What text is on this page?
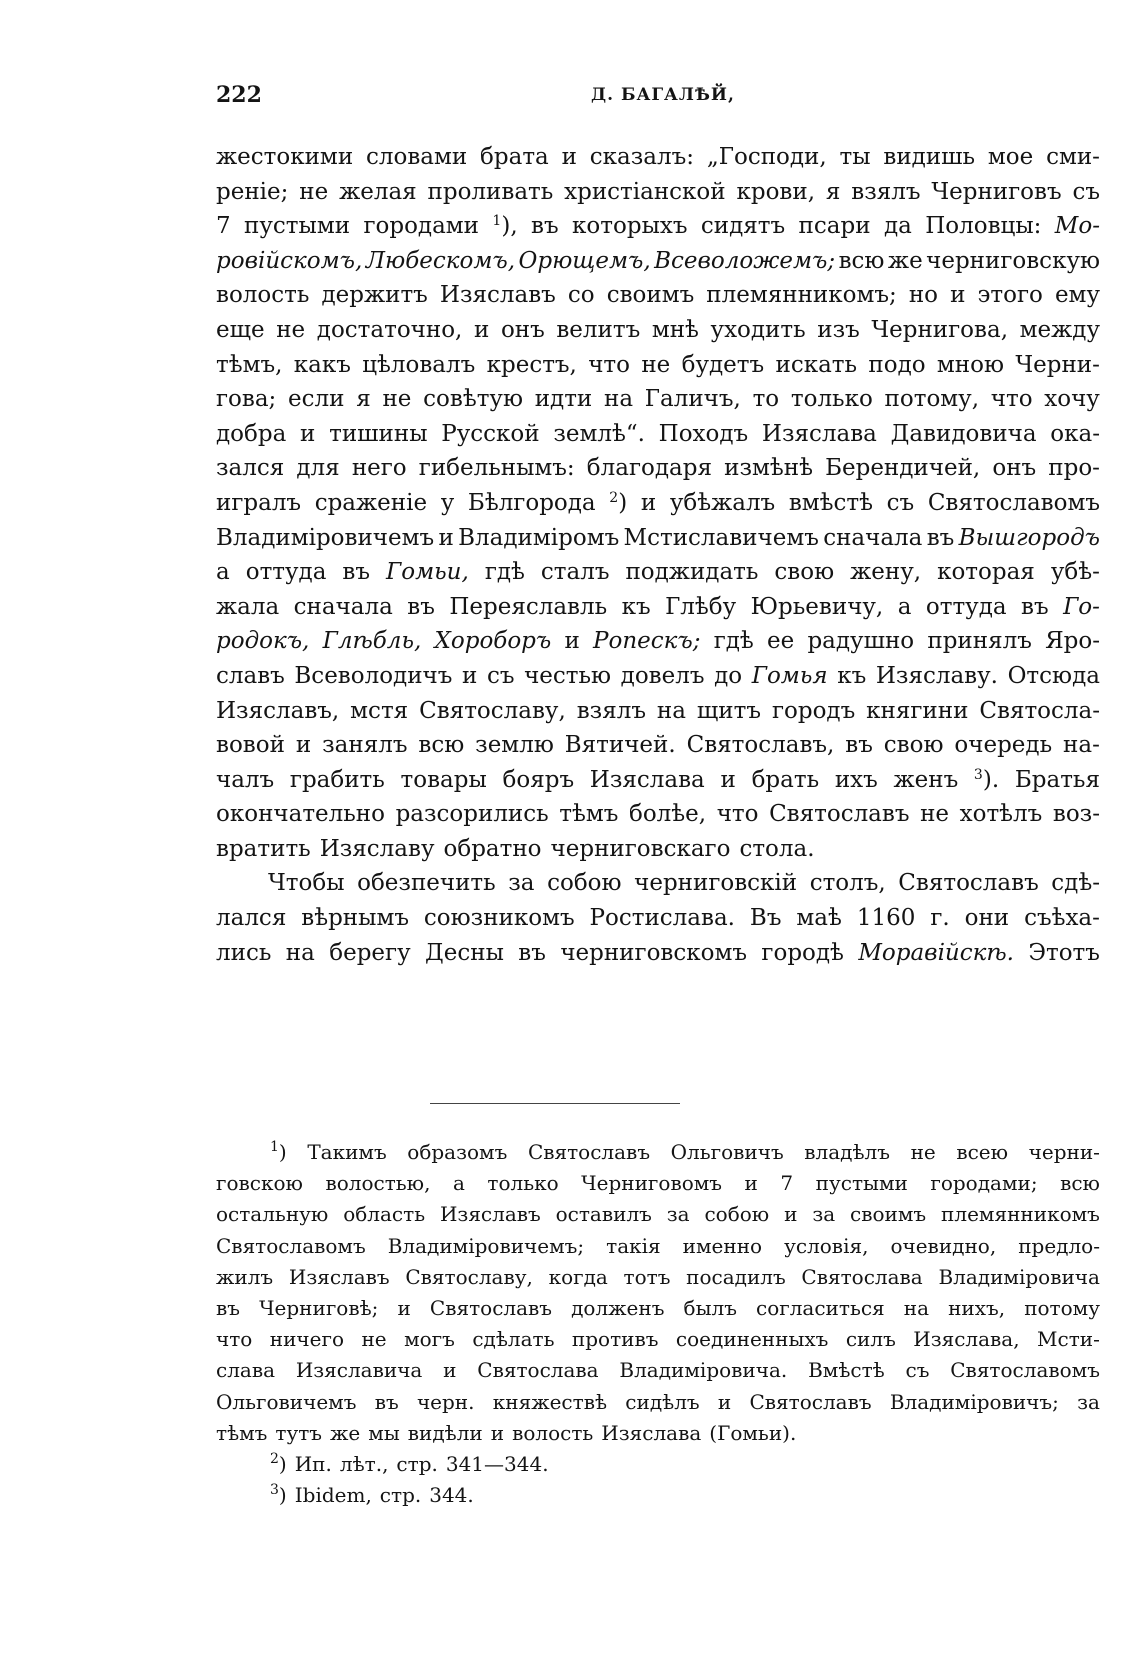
222	Д. БАГАЛѢЙ,
жестокими словами брата и сказалъ: „Господи, ты видишь мое сми-
реніе; не желая проливать христіанской крови, я взялъ Черниговъ съ
7 пустыми городами $^1$), въ которыхъ сидятъ псари да Половцы: Мо-
ровійскомъ, Любескомъ, Орющемъ, Всеволожемъ; всю же черниговскую
волость держитъ Изяславъ со своимъ племянникомъ; но и этого ему
еще не достаточно, и онъ велитъ мнѣ уходить изъ Чернигова, между
тѣмъ, какъ цѣловалъ крестъ, что не будетъ искать подо мною Черни-
гова; если я не совѣтую идти на Галичъ, то только потому, что хочу
добра и тишины Русской землѣ“. Походъ Изяслава Давидовича ока-
зался для него гибельнымъ: благодаря измѣнѣ Берендичей, онъ про-
игралъ сраженіе у Бѣлгорода $^2$) и убѣжалъ вмѣстѣ съ Святославомъ
Владиміровичемъ и Владиміромъ Мстиславичемъ сначала въ Вышгородъ
а оттуда въ Гомьи, гдѣ сталъ поджидать свою жену, которая убѣ-
жала сначала въ Переяславль къ Глѣбу Юрьевичу, а оттуда въ Го-
родокъ, Глѣбль, Хороборъ и Ропескъ; гдѣ ее радушно принялъ Яро-
славъ Всеволодичъ и съ честью довелъ до Гомья къ Изяславу. Отсюда
Изяславъ, мстя Святославу, взялъ на щитъ городъ княгини Святосла-
вовой и занялъ всю землю Вятичей. Святославъ, въ свою очередь на-
чалъ грабить товары бояръ Изяслава и брать ихъ женъ $^3$). Братья
окончательно разсорились тѣмъ болѣе, что Святославъ не хотѣлъ воз-
вратить Изяславу обратно черниговскаго стола.
Чтобы обезпечить за собою черниговскій столъ, Святославъ сдѣ-
лался вѣрнымъ союзникомъ Ростислава. Въ маѣ 1160 г. они съѣха-
лись на берегу Десны въ черниговскомъ городѣ Моравійскѣ. Этотъ
$^1$) Такимъ образомъ Святославъ Ольговичъ владѣлъ не всею черни-
говскою волостью, а только Черниговомъ и 7 пустыми городами; всю
остальную область Изяславъ оставилъ за собою и за своимъ племянникомъ
Святославомъ Владиміровичемъ; такія именно условія, очевидно, предло-
жилъ Изяславъ Святославу, когда тотъ посадилъ Святослава Владиміровича
въ Черниговѣ; и Святославъ долженъ былъ согласиться на нихъ, потому
что ничего не могъ сдѣлать противъ соединенныхъ силъ Изяслава, Мсти-
слава Изяславича и Святослава Владиміровича. Вмѣстѣ съ Святославомъ
Ольговичемъ въ черн. княжествѣ сидѣлъ и Святославъ Владиміровичъ; за
тѣмъ тутъ же мы видѣли и волость Изяслава (Гомьи).
$^2$) Ип. лѣт., стр. 341—344.
$^3$) Ibidem, стр. 344.
